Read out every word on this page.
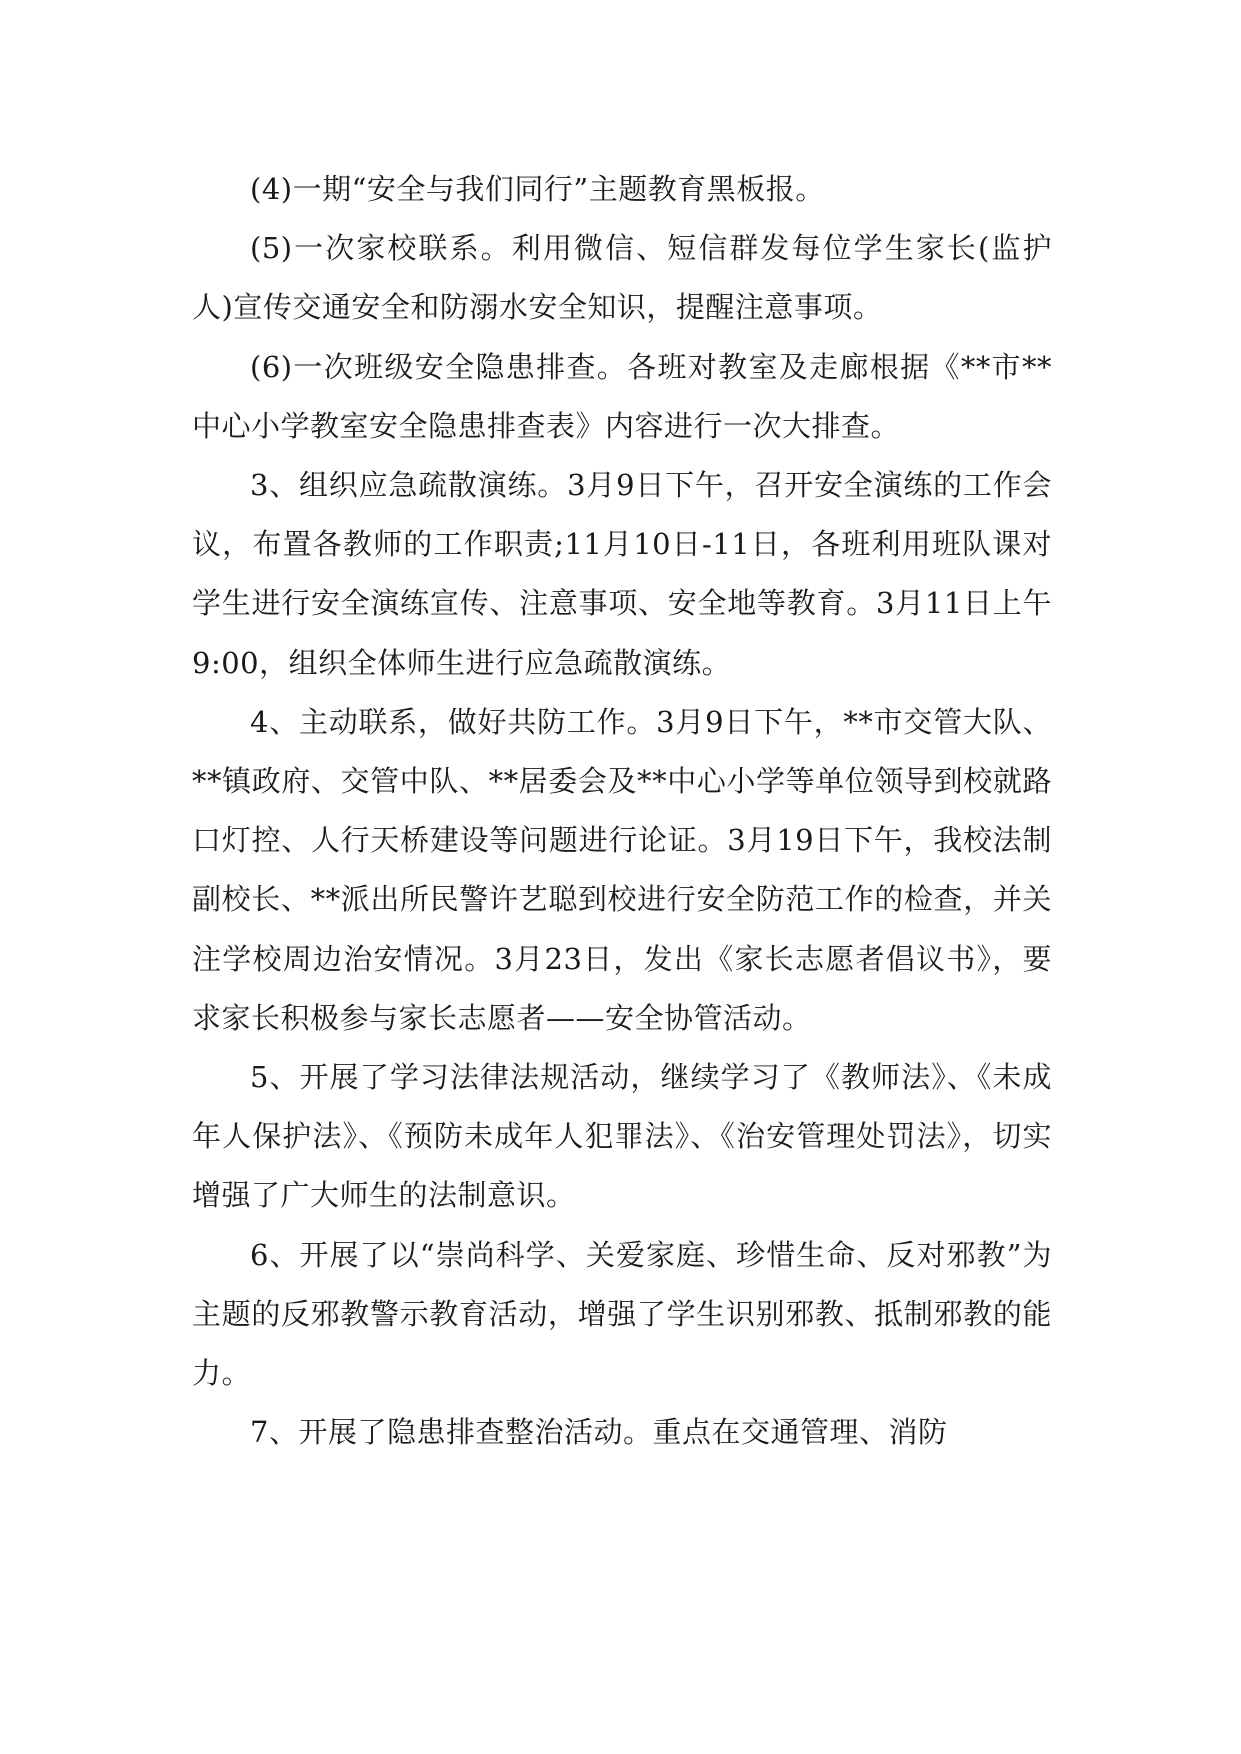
(4)一期“安全与我们同行”主题教育黑板报。

(5)一次家校联系。利用微信、短信群发每位学生家长(监护人)宣传交通安全和防溺水安全知识，提醒注意事项。

(6)一次班级安全隐患排查。各班对教室及走廊根据《**市**中心小学教室安全隐患排查表》内容进行一次大排查。

3、组织应急疏散演练。3月9日下午，召开安全演练的工作会议，布置各教师的工作职责;11月10日-11日，各班利用班队课对学生进行安全演练宣传、注意事项、安全地等教育。3月11日上午9:00，组织全体师生进行应急疏散演练。

4、主动联系，做好共防工作。3月9日下午，**市交管大队、**镇政府、交管中队、**居委会及**中心小学等单位领导到校就路口灯控、人行天桥建设等问题进行论证。3月19日下午，我校法制副校长、**派出所民警许艺聪到校进行安全防范工作的检查，并关注学校周边治安情况。3月23日，发出《家长志愿者倡议书》，要求家长积极参与家长志愿者——安全协管活动。

5、开展了学习法律法规活动，继续学习了《教师法》、《未成年人保护法》、《预防未成年人犯罪法》、《治安管理处罚法》，切实增强了广大师生的法制意识。

6、开展了以“崇尚科学、关爱家庭、珍惜生命、反对邪教”为主题的反邪教警示教育活动，增强了学生识别邪教、抵制邪教的能力。

7、开展了隐患排查整治活动。重点在交通管理、消防
